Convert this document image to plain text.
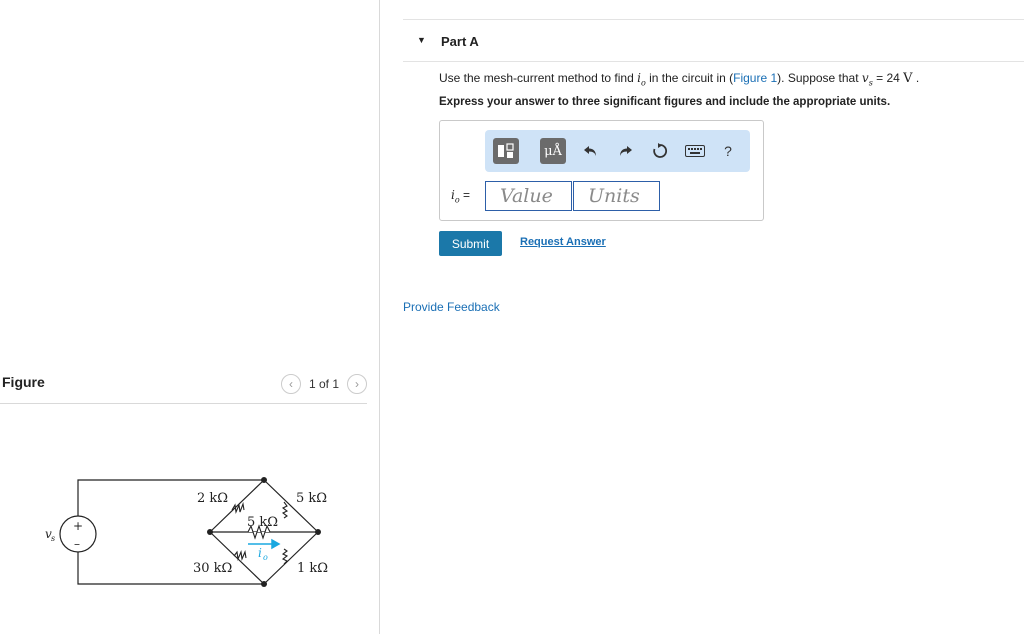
Figure	‹	1 of 1	›
+
–
v s
2 kΩ	5 kΩ
5 kΩ
30 kΩ	1 kΩ
i o
▼ Part A
Use the mesh-current method to find $i_o$ in the circuit in (Figure 1). Suppose that $v_s = 24$ V .
Express your answer to three significant figures and include the appropriate units.
μÅ	?
$i_o$ =	Value	Units
Submit	Request Answer
Provide Feedback
